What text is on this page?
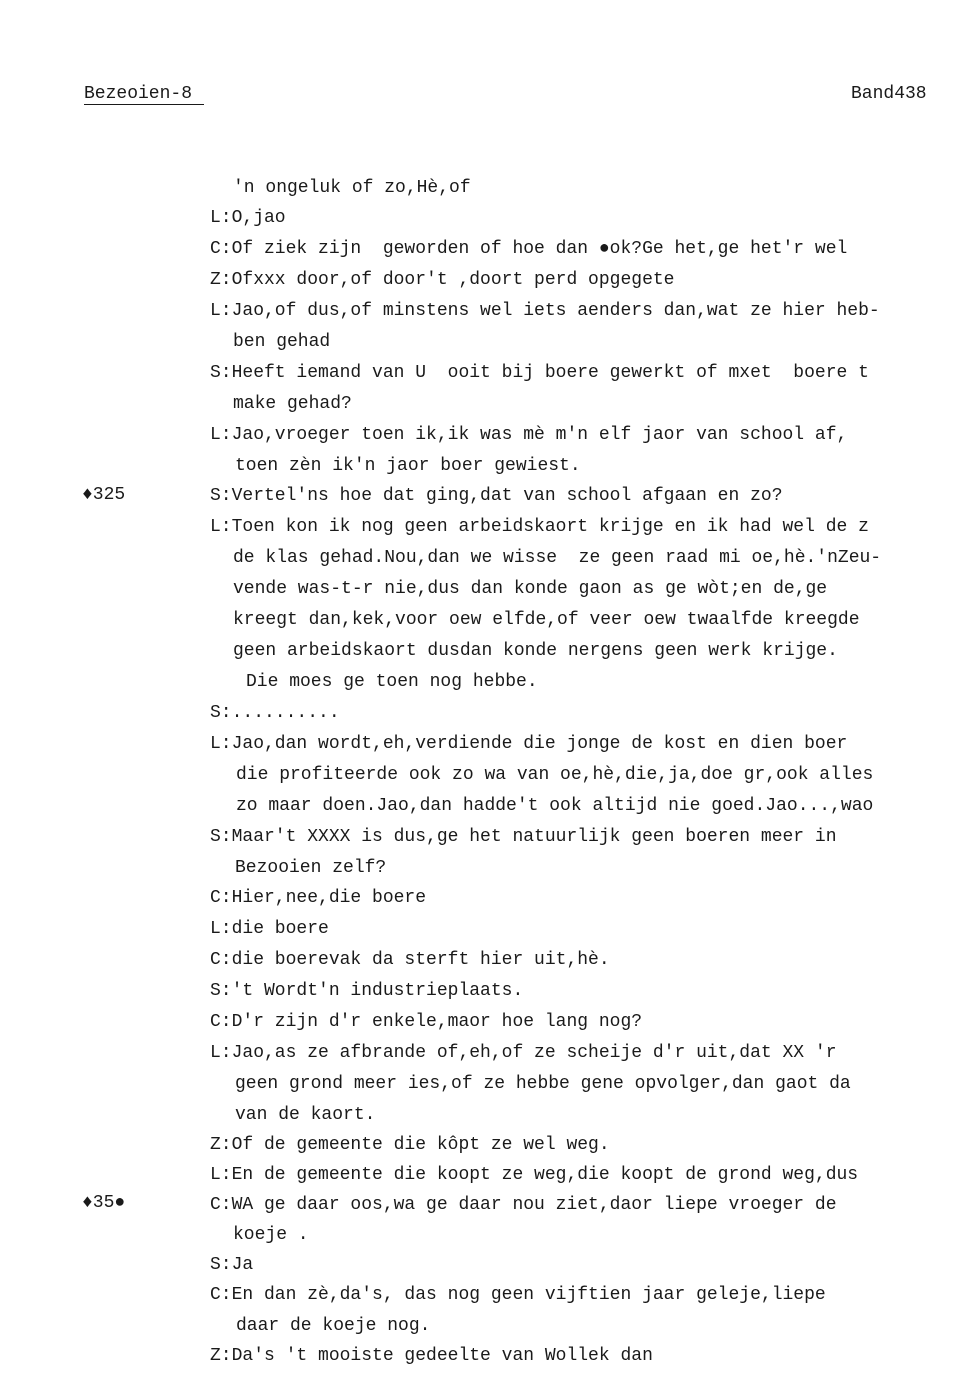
Bezeoien-8	Band438
'n ongeluk of zo,Hè,of
L:O,jao
C:Of ziek zijn  geworden of hoe dan ●ok?Ge het,ge het'r wel
Z:Ofxxx door,of door't ,doort perd opgegete
L:Jao,of dus,of minstens wel iets aenders dan,wat ze hier heb-
ben gehad
S:Heeft iemand van U  ooit bij boere gewerkt of mxet  boere t
make gehad?
L:Jao,vroeger toen ik,ik was mè m'n elf jaor van school af,
toen zèn ik'n jaor boer gewiest.
S:Vertel'ns hoe dat ging,dat van school afgaan en zo?
L:Toen kon ik nog geen arbeidskaort krijge en ik had wel de z
de klas gehad.Nou,dan we wisse  ze geen raad mi oe,hè.'nZeu-
vende was-t-r nie,dus dan konde gaon as ge wòt;en de,ge
kreegt dan,kek,voor oew elfde,of veer oew twaalfde kreegde
geen arbeidskaort dusdan konde nergens geen werk krijge.
Die moes ge toen nog hebbe.
S:..........
L:Jao,dan wordt,eh,verdiende die jonge de kost en dien boer
die profiteerde ook zo wa van oe,hè,die,ja,doe gr,ook alles
zo maar doen.Jao,dan hadde't ook altijd nie goed.Jao...,wao
S:Maar't XXXX is dus,ge het natuurlijk geen boeren meer in
Bezooien zelf?
C:Hier,nee,die boere
L:die boere
C:die boerevak da sterft hier uit,hè.
S:'t Wordt'n industrieplaats.
C:D'r zijn d'r enkele,maor hoe lang nog?
L:Jao,as ze afbrande of,eh,of ze scheije d'r uit,dat XX 'r
geen grond meer ies,of ze hebbe gene opvolger,dan gaot da
van de kaort.
Z:Of de gemeente die kôpt ze wel weg.
L:En de gemeente die koopt ze weg,die koopt de grond weg,dus
C:WA ge daar oos,wa ge daar nou ziet,daor liepe vroeger de
koeje .
S:Ja
C:En dan zè,da's, das nog geen vijftien jaar geleje,liepe
daar de koeje nog.
Z:Da's 't mooiste gedeelte van Wollek dan
♦325
♦35●
